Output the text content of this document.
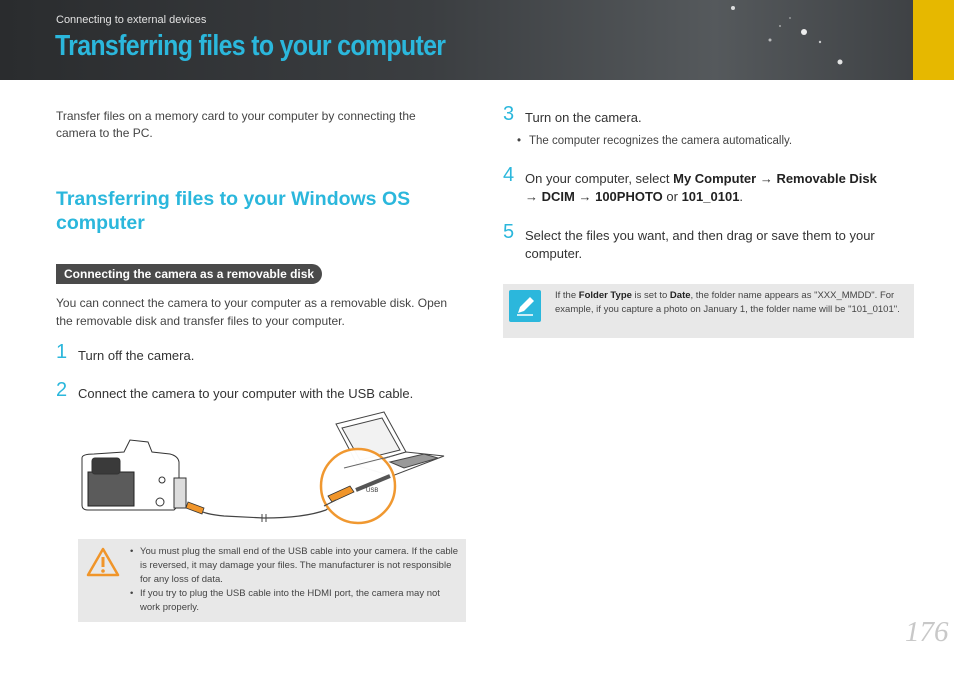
Connecting to external devices
Transferring files to your computer

Transfer files on a memory card to your computer by connecting the camera to the PC.

Transferring files to your Windows OS computer
Connecting the camera as a removable disk

You can connect the camera to your computer as a removable disk. Open the removable disk and transfer files to your computer.

1 Turn off the camera.
2 Connect the camera to your computer with the USB cable.
USB
• You must plug the small end of the USB cable into your camera. If the cable is reversed, it may damage your files. The manufacturer is not responsible for any loss of data.
• If you try to plug the USB cable into the HDMI port, the camera may not work properly.
3 Turn on the camera.
• The computer recognizes the camera automatically.
4 On your computer, select My Computer → Removable Disk
→ DCIM → 100PHOTO or 101_0101.
5 Select the files you want, and then drag or save them to your computer.
If the Folder Type is set to Date, the folder name appears as "XXX_MMDD". For example, if you capture a photo on January 1, the folder name will be "101_0101".
176
